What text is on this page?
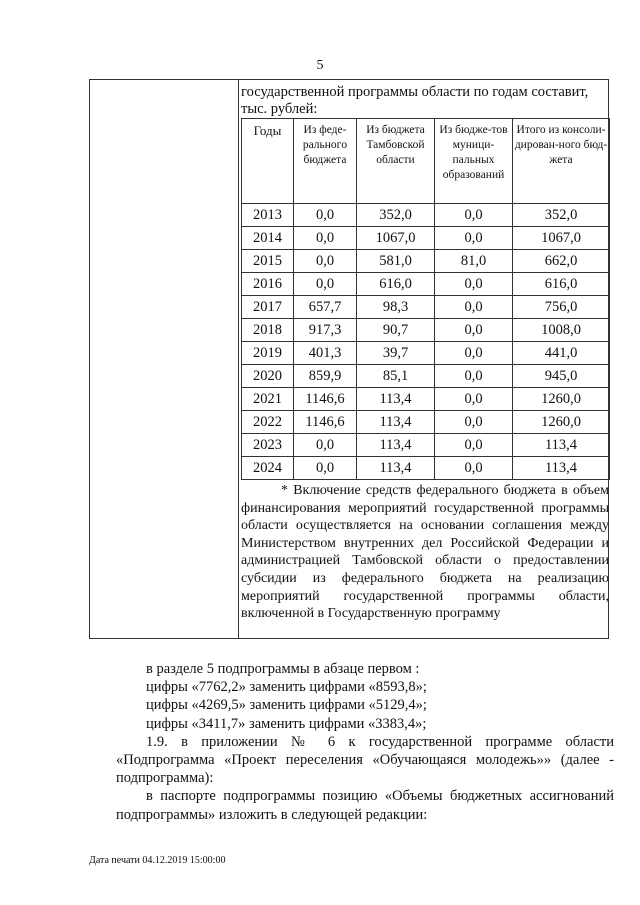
5
государственной программы области по годам составит, тыс. рублей:
Годы	Из феде-ральногo бюджета	Из бюджета Тамбовской области	Из бюдже-тов муници-пальных образований	Итого из консоли-дирован-ного бюд-жета
2013	0,0	352,0	0,0	352,0
2014	0,0	1067,0	0,0	1067,0
2015	0,0	581,0	81,0	662,0
2016	0,0	616,0	0,0	616,0
2017	657,7	98,3	0,0	756,0
2018	917,3	90,7	0,0	1008,0
2019	401,3	39,7	0,0	441,0
2020	859,9	85,1	0,0	945,0
2021	1146,6	113,4	0,0	1260,0
2022	1146,6	113,4	0,0	1260,0
2023	0,0	113,4	0,0	113,4
2024	0,0	113,4	0,0	113,4

* Включение средств федерального бюджета в объем финансирования мероприятий государственной программы области осуществляется на основании соглашения между Министерством внутренних дел Российской Федерации и администрацией Тамбовской области о предоставлении субсидии из федерального бюджета на реализацию мероприятий государственной программы области, включенной в Государственную программу

в разделе 5 подпрограммы в абзаце первом :

цифры «7762,2» заменить цифрами «8593,8»;

цифры «4269,5» заменить цифрами «5129,4»;

цифры «3411,7» заменить цифрами «3383,4»;

1.9. в приложении № 6 к государственной программе области «Подпрограмма «Проект переселения «Обучающаяся молодежь»» (далее - подпрограмма):

в паспорте подпрограммы позицию «Объемы бюджетных ассигнований подпрограммы» изложить в следующей редакции:

Дата печати 04.12.2019 15:00:00
